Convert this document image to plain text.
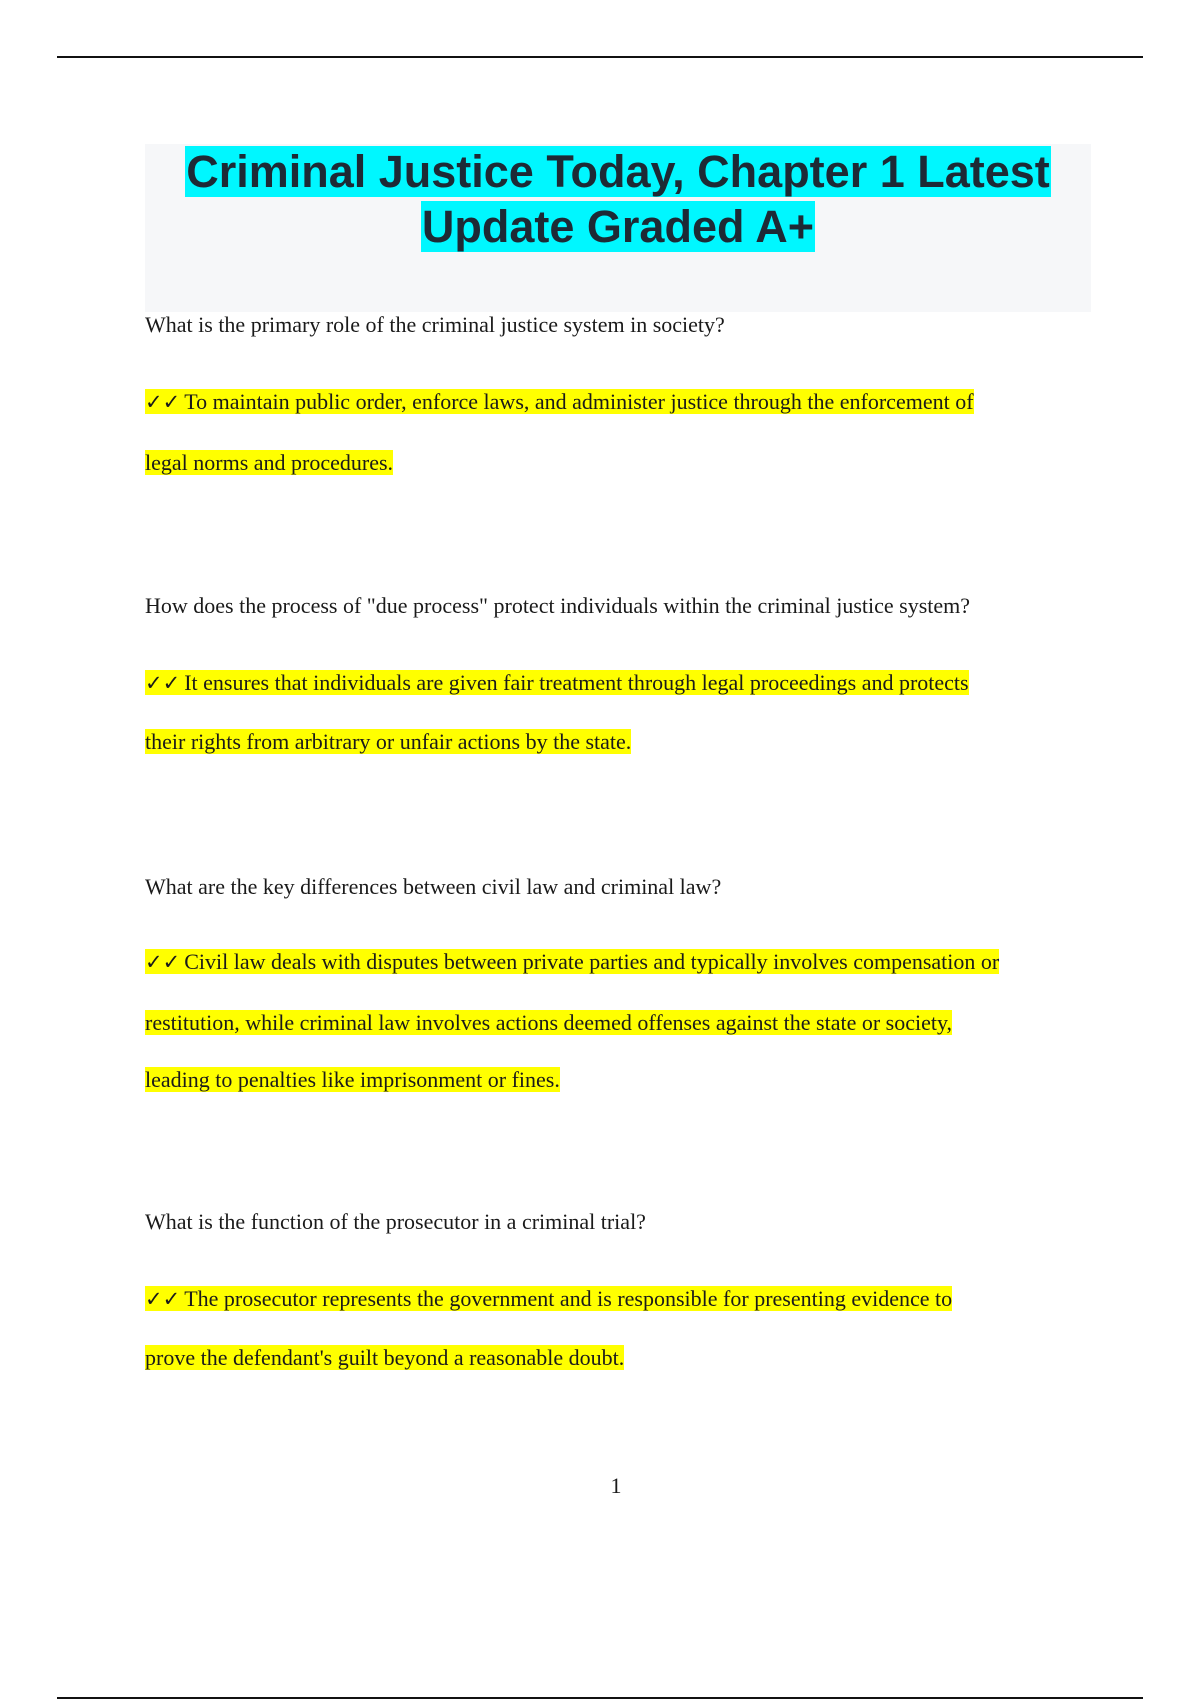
Criminal Justice Today, Chapter 1 Latest
Update Graded A+

What is the primary role of the criminal justice system in society?

✓✓ To maintain public order, enforce laws, and administer justice through the enforcement of
legal norms and procedures.

How does the process of "due process" protect individuals within the criminal justice system?

✓✓ It ensures that individuals are given fair treatment through legal proceedings and protects
their rights from arbitrary or unfair actions by the state.

What are the key differences between civil law and criminal law?

✓✓ Civil law deals with disputes between private parties and typically involves compensation or
restitution, while criminal law involves actions deemed offenses against the state or society,
leading to penalties like imprisonment or fines.

What is the function of the prosecutor in a criminal trial?

✓✓ The prosecutor represents the government and is responsible for presenting evidence to
prove the defendant's guilt beyond a reasonable doubt.
1
